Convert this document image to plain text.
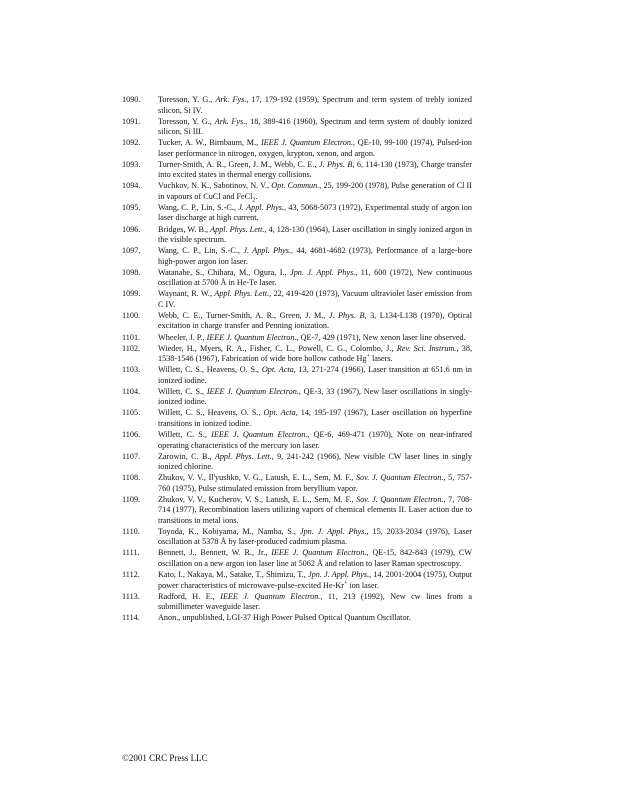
1090. Toresson, Y. G., Ark. Fys., 17, 179-192 (1959), Spectrum and term system of trebly ionized silicon, Si IV.
1091. Toresson, Y. G., Ark. Fys., 18, 389-416 (1960), Spectrum and term system of doubly ionized silicon, Si III.
1092. Tucker, A. W., Birnbaum, M., IEEE J. Quantum Electron., QE-10, 99-100 (1974), Pulsed-ion laser performance in nitrogen, oxygen, krypton, xenon, and argon.
1093. Turner-Smith, A. R., Green, J. M., Webb, C. E., J. Phys. B, 6, 114-130 (1973), Charge transfer into excited states in thermal energy collisions.
1094. Vuchkov, N. K., Sabotinov, N. V., Opt. Commun., 25, 199-200 (1978), Pulse generation of Cl II in vapours of CuCl and FeCl$_2$.
1095. Wang, C. P., Lin, S.-C., J. Appl. Phys., 43, 5068-5073 (1972), Experimental study of argon ion laser discharge at high current.
1096. Bridges, W. B., Appl. Phys. Lett., 4, 128-130 (1964), Laser oscillation in singly ionized argon in the visible spectrum.
1097. Wang, C. P., Lin, S.-C., J. Appl. Phys., 44, 4681-4682 (1973), Performance of a large-bore high-power argon ion laser.
1098. Watanabe, S., Chihara, M., Ogura, I., Jpn. J. Appl. Phys., 11, 600 (1972), New continuous oscillation at 5700 Å in He-Te laser.
1099. Waynant, R. W., Appl. Phys. Lett., 22, 419-420 (1973), Vacuum ultraviolet laser emission from C IV.
1100. Webb, C. E., Turner-Smith, A. R., Green, J. M., J. Phys. B, 3, L134-L138 (1970), Optical excitation in charge transfer and Penning ionization.
1101. Wheeler, J. P., IEEE J. Quantum Electron., QE-7, 429 (1971), New xenon laser line observed.
1102. Wieder, H., Myers, R. A., Fisher, C. L., Powell, C. G., Colombo, J., Rev. Sci. Instrum., 38, 1538-1546 (1967), Fabrication of wide bore hollow cathode Hg+ lasers.
1103. Willett, C. S., Heavens, O. S., Opt. Acta, 13, 271-274 (1966), Laser transition at 651.6 nm in ionized iodine.
1104. Willett, C. S., IEEE J. Quantum Electron., QE-3, 33 (1967), New laser oscillations in singly-ionized iodine.
1105. Willett, C. S., Heavens, O. S., Opt. Acta, 14, 195-197 (1967), Laser oscillation on hyperfine transitions in ionized iodine.
1106. Willett, C. S., IEEE J. Quantum Electron., QE-6, 469-471 (1970), Note on near-infrared operating characteristics of the mercury ion laser.
1107. Zarowin, C. B., Appl. Phys. Lett., 9, 241-242 (1966), New visible CW laser lines in singly ionized chlorine.
1108. Zhukov, V. V., Il'yushko, V. G., Latush, E. L., Sem, M. F., Sov. J. Quantum Electron., 5, 757-760 (1975), Pulse stimulated emission from beryllium vapor.
1109. Zhukov, V. V., Kucherov, V. S., Latush, E. L., Sem, M. F., Sov. J. Quantum Electron., 7, 708-714 (1977), Recombination lasers utilizing vapors of chemical elements II. Laser action due to transitions in metal ions.
1110. Toyoda, K., Kobiyama, M., Namba, S., Jpn. J. Appl. Phys., 15, 2033-2034 (1976), Laser oscillation at 5378 Å by laser-produced cadmium plasma.
1111. Bennett, J., Bennett, W. R., Jr., IEEE J. Quantum Electron., QE-15, 842-843 (1979), CW oscillation on a new argon ion laser line at 5062 Å and relation to laser Raman spectroscopy.
1112. Kato, I., Nakaya, M., Satake, T., Shimizu, T., Jpn. J. Appl. Phys., 14, 2001-2004 (1975), Output power characteristics of microwave-pulse-excited He-Kr+ ion laser.
1113. Radford, H. E., IEEE J. Quantum Electron., 11, 213 (1992), New cw lines from a submillimeter waveguide laser.
1114. Anon., unpublished, LGI-37 High Power Pulsed Optical Quantum Oscillator.
©2001 CRC Press LLC
